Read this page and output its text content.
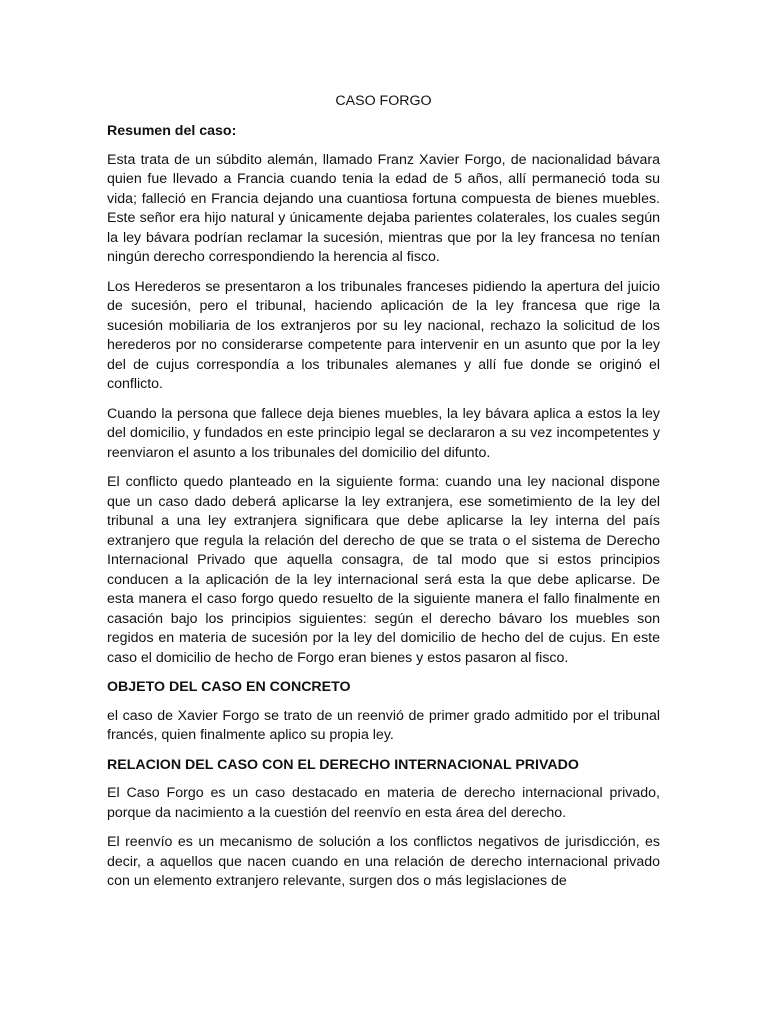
CASO FORGO
Resumen del caso:

Esta trata de un súbdito alemán, llamado Franz Xavier Forgo, de nacionalidad bávara quien fue llevado a Francia cuando tenia la edad de 5 años, allí permaneció toda su vida; falleció en Francia dejando una cuantiosa fortuna compuesta de bienes muebles. Este señor era hijo natural y únicamente dejaba parientes colaterales, los cuales según la ley bávara podrían reclamar la sucesión, mientras que por la ley francesa no tenían ningún derecho correspondiendo la herencia al fisco.

Los Herederos se presentaron a los tribunales franceses pidiendo la apertura del juicio de sucesión, pero el tribunal, haciendo aplicación de la ley francesa que rige la sucesión mobiliaria de los extranjeros por su ley nacional, rechazo la solicitud de los herederos por no considerarse competente para intervenir en un asunto que por la ley del de cujus correspondía a los tribunales alemanes y allí fue donde se originó el conflicto.

Cuando la persona que fallece deja bienes muebles, la ley bávara aplica a estos la ley del domicilio, y fundados en este principio legal se declararon a su vez incompetentes y reenviaron el asunto a los tribunales del domicilio del difunto.

El conflicto quedo planteado en la siguiente forma: cuando una ley nacional dispone que un caso dado deberá aplicarse la ley extranjera, ese sometimiento de la ley del tribunal a una ley extranjera significara que debe aplicarse la ley interna del país extranjero que regula la relación del derecho de que se trata o el sistema de Derecho Internacional Privado que aquella consagra, de tal modo que si estos principios conducen a la aplicación de la ley internacional será esta la que debe aplicarse. De esta manera el caso forgo quedo resuelto de la siguiente manera el fallo finalmente en casación bajo los principios siguientes: según el derecho bávaro los muebles son regidos en materia de sucesión por la ley del domicilio de hecho del de cujus. En este caso el domicilio de hecho de Forgo eran bienes y estos pasaron al fisco.

OBJETO DEL CASO EN CONCRETO

el caso de Xavier Forgo se trato de un reenvió de primer grado admitido por el tribunal francés, quien finalmente aplico su propia ley.

RELACION DEL CASO CON EL DERECHO INTERNACIONAL PRIVADO

El Caso Forgo es un caso destacado en materia de derecho internacional privado, porque da nacimiento a la cuestión del reenvío en esta área del derecho.

El reenvío es un mecanismo de solución a los conflictos negativos de jurisdicción, es decir, a aquellos que nacen cuando en una relación de derecho internacional privado con un elemento extranjero relevante, surgen dos o más legislaciones de
